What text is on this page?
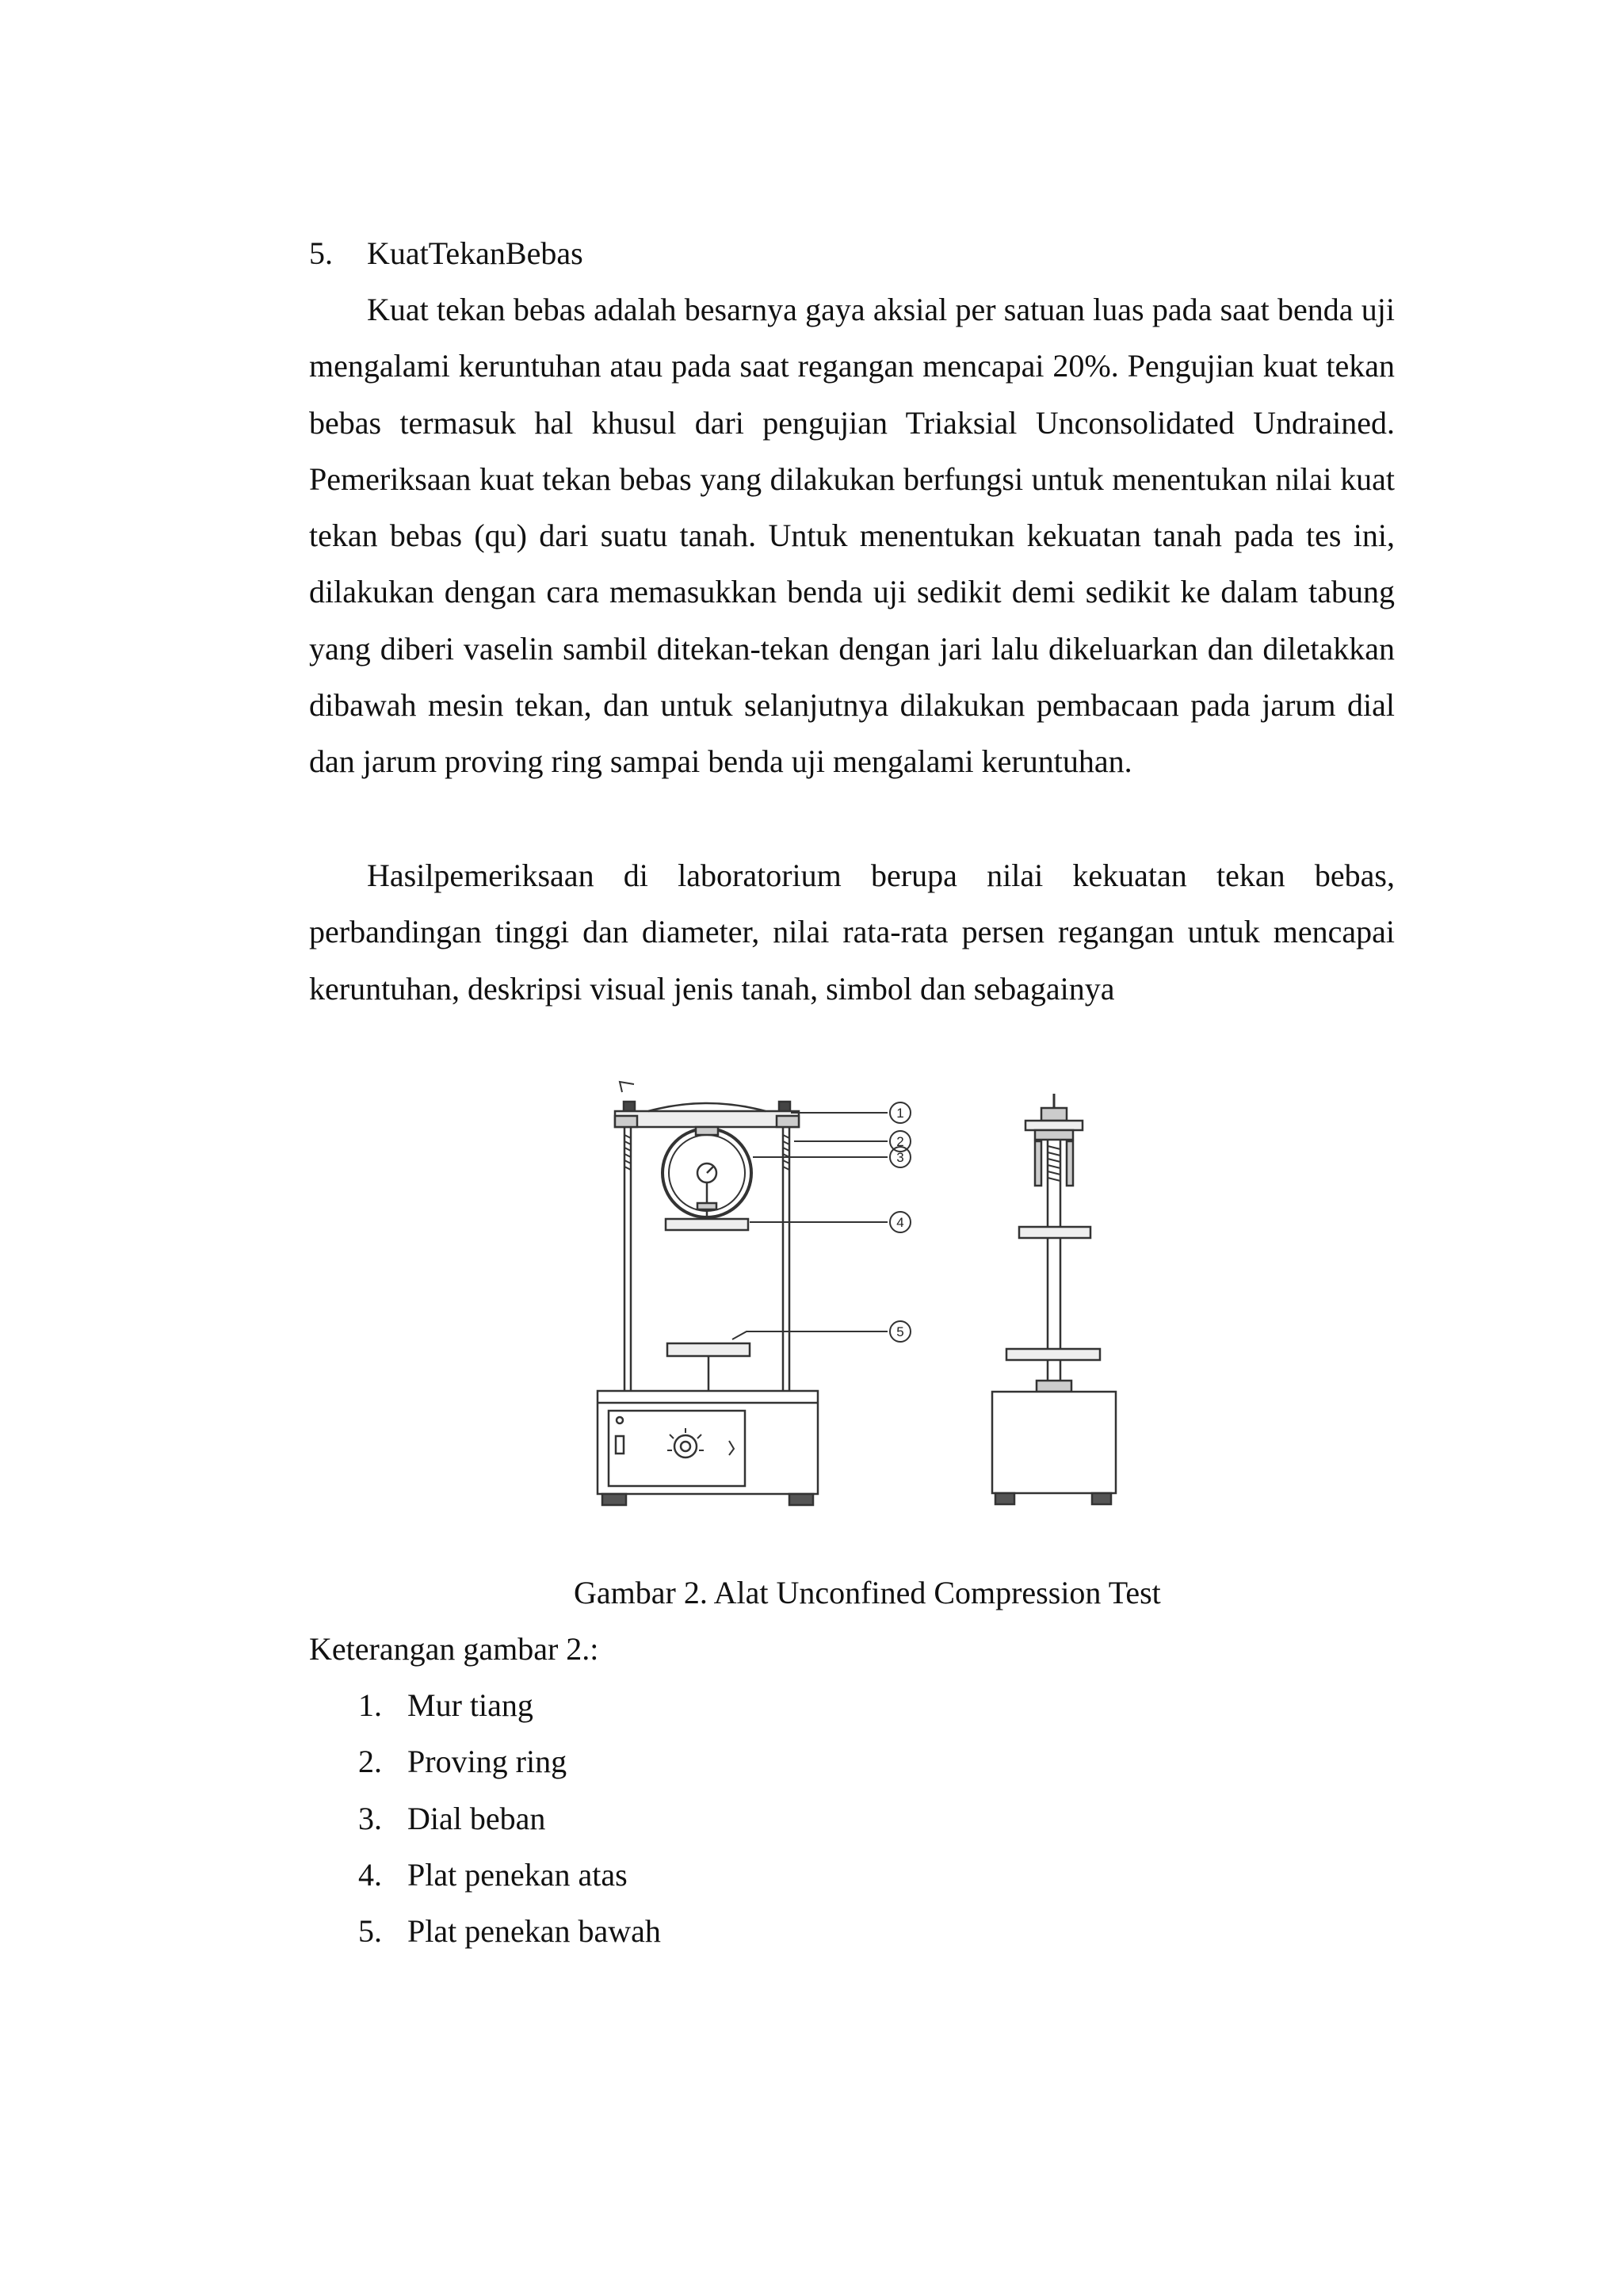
5.	KuatTekanBebas

Kuat tekan bebas adalah besarnya gaya aksial per satuan luas pada saat benda uji mengalami keruntuhan atau pada saat regangan mencapai 20%. Pengujian kuat tekan bebas termasuk hal khusul dari pengujian Triaksial Unconsolidated Undrained. Pemeriksaan kuat tekan bebas yang dilakukan berfungsi untuk menentukan nilai kuat tekan bebas (qu) dari suatu tanah. Untuk menentukan kekuatan tanah pada tes ini, dilakukan dengan cara memasukkan benda uji sedikit demi sedikit ke dalam tabung yang diberi vaselin sambil ditekan-tekan dengan jari lalu dikeluarkan dan diletakkan dibawah mesin tekan, dan untuk selanjutnya dilakukan pembacaan pada jarum dial dan jarum proving ring sampai benda uji mengalami keruntuhan.

Hasilpemeriksaan di laboratorium berupa nilai kekuatan tekan bebas, perbandingan tinggi dan diameter, nilai rata-rata persen regangan untuk mencapai keruntuhan, deskripsi visual jenis tanah, simbol dan sebagainya

1
2
3
4
5
Gambar 2. Alat Unconfined Compression Test
Keterangan gambar 2.:
1. Mur tiang
2. Proving ring
3. Dial beban
4. Plat penekan atas
5. Plat penekan bawah
